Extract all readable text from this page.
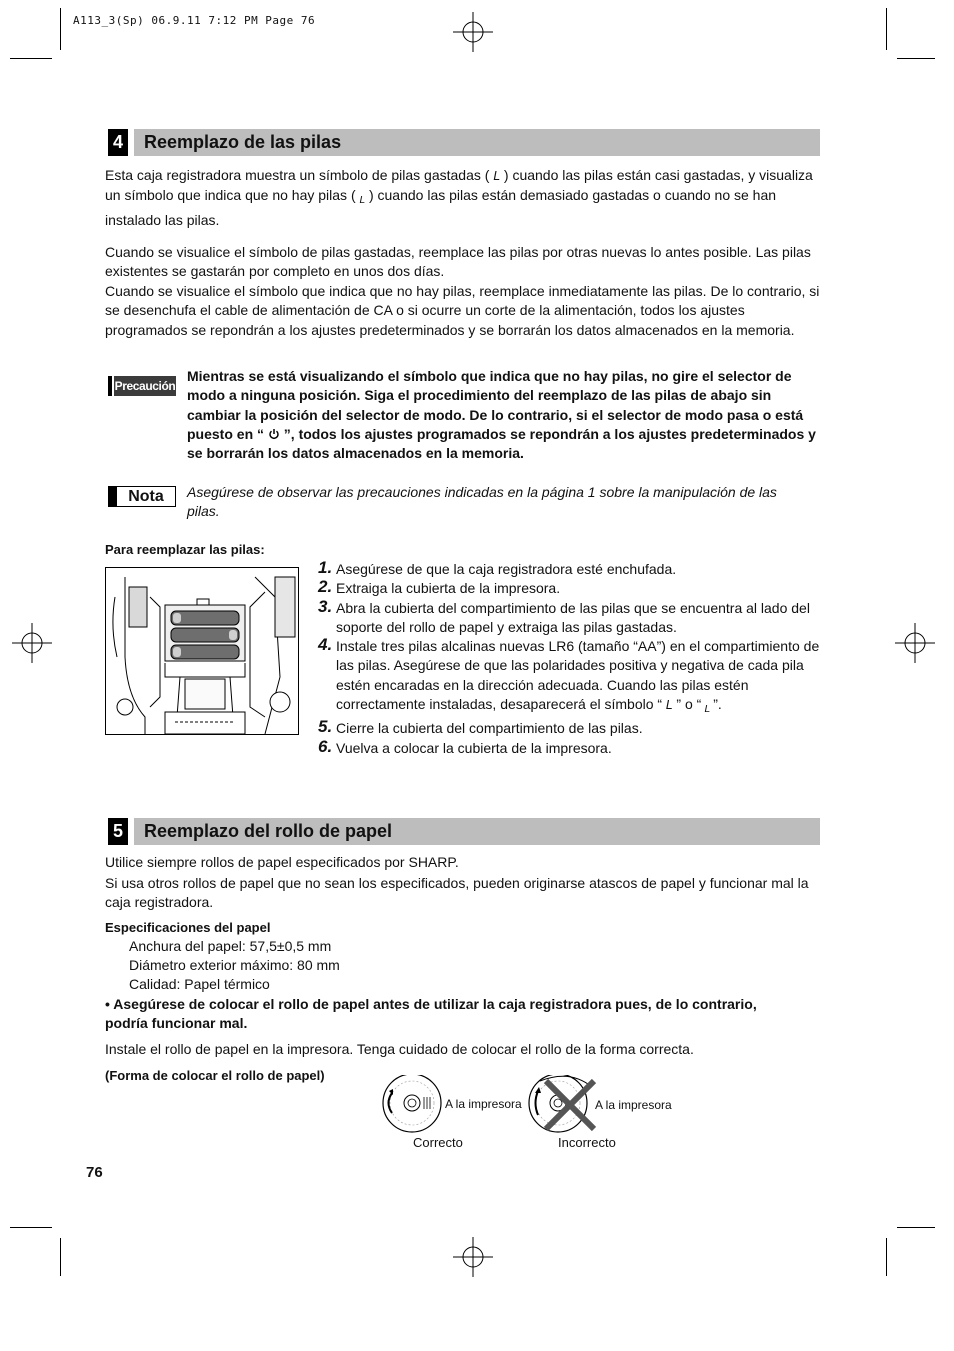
A113_3(Sp) 06.9.11 7:12 PM Page 76
4 Reemplazo de las pilas
Esta caja registradora muestra un símbolo de pilas gastadas ( L ) cuando las pilas están casi gastadas, y visualiza un símbolo que indica que no hay pilas ( $_L$ ) cuando las pilas están demasiado gastadas o cuando no se han instalado las pilas.
Cuando se visualice el símbolo de pilas gastadas, reemplace las pilas por otras nuevas lo antes posible. Las pilas existentes se gastarán por completo en unos dos días.
Cuando se visualice el símbolo que indica que no hay pilas, reemplace inmediatamente las pilas. De lo contrario, si se desenchufa el cable de alimentación de CA o si ocurre un corte de la alimentación, todos los ajustes programados se repondrán a los ajustes predeterminados y se borrarán los datos almacenados en la memoria.
Precaución
Mientras se está visualizando el símbolo que indica que no hay pilas, no gire el selector de modo a ninguna posición. Siga el procedimiento del reemplazo de las pilas de abajo sin cambiar la posición del selector de modo. De lo contrario, si el selector de modo pasa o está puesto en “ ”, todos los ajustes programados se repondrán a los ajustes predeterminados y se borrarán los datos almacenados en la memoria.
Nota	Asegúrese de observar las precauciones indicadas en la página 1 sobre la manipulación de las pilas.
Para reemplazar las pilas:
1. Asegúrese de que la caja registradora esté enchufada.
2. Extraiga la cubierta de la impresora.
3. Abra la cubierta del compartimiento de las pilas que se encuentra al lado del soporte del rollo de papel y extraiga las pilas gastadas.
4. Instale tres pilas alcalinas nuevas LR6 (tamaño “AA”) en el compartimiento de las pilas. Asegúrese de que las polaridades positiva y negativa de cada pila estén encaradas en la dirección adecuada. Cuando las pilas estén correctamente instaladas, desaparecerá el símbolo “ L ” o “ $_L$ ”.
5. Cierre la cubierta del compartimiento de las pilas.
6. Vuelva a colocar la cubierta de la impresora.
5 Reemplazo del rollo de papel
Utilice siempre rollos de papel especificados por SHARP.
Si usa otros rollos de papel que no sean los especificados, pueden originarse atascos de papel y funcionar mal la caja registradora.
Especificaciones del papel
Anchura del papel: 57,5±0,5 mm
Diámetro exterior máximo: 80 mm
Calidad: Papel térmico
• Asegúrese de colocar el rollo de papel antes de utilizar la caja registradora pues, de lo contrario, podría funcionar mal.
Instale el rollo de papel en la impresora. Tenga cuidado de colocar el rollo de la forma correcta.
(Forma de colocar el rollo de papel)
A la impresora	A la impresora
Correcto	Incorrecto
76
